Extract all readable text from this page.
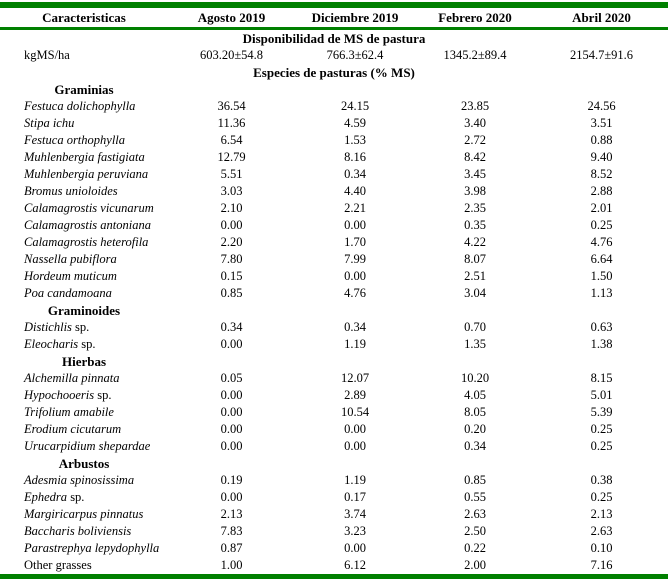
Caracteristicas	Agosto 2019	Diciembre 2019	Febrero 2020	Abril 2020
Disponibilidad de MS de pastura				
kgMS/ha	603.20±54.8	766.3±62.4	1345.2±89.4	2154.7±91.6
Especies de pasturas (% MS)				
Graminias				
Festuca dolichophylla	36.54	24.15	23.85	24.56
Stipa ichu	11.36	4.59	3.40	3.51
Festuca orthophylla	6.54	1.53	2.72	0.88
Muhlenbergia fastigiata	12.79	8.16	8.42	9.40
Muhlenbergia peruviana	5.51	0.34	3.45	8.52
Bromus unioloides	3.03	4.40	3.98	2.88
Calamagrostis vicunarum	2.10	2.21	2.35	2.01
Calamagrostis antoniana	0.00	0.00	0.35	0.25
Calamagrostis heterofila	2.20	1.70	4.22	4.76
Nassella pubiflora	7.80	7.99	8.07	6.64
Hordeum muticum	0.15	0.00	2.51	1.50
Poa candamoana	0.85	4.76	3.04	1.13
Graminoides				
Distichlis sp.	0.34	0.34	0.70	0.63
Eleocharis sp.	0.00	1.19	1.35	1.38
Hierbas				
Alchemilla pinnata	0.05	12.07	10.20	8.15
Hypochooeris sp.	0.00	2.89	4.05	5.01
Trifolium amabile	0.00	10.54	8.05	5.39
Erodium cicutarum	0.00	0.00	0.20	0.25
Urucarpidium shepardae	0.00	0.00	0.34	0.25
Arbustos				
Adesmia spinosissima	0.19	1.19	0.85	0.38
Ephedra sp.	0.00	0.17	0.55	0.25
Margiricarpus pinnatus	2.13	3.74	2.63	2.13
Baccharis boliviensis	7.83	3.23	2.50	2.63
Parastrephya lepydophylla	0.87	0.00	0.22	0.10
Other grasses	1.00	6.12	2.00	7.16
